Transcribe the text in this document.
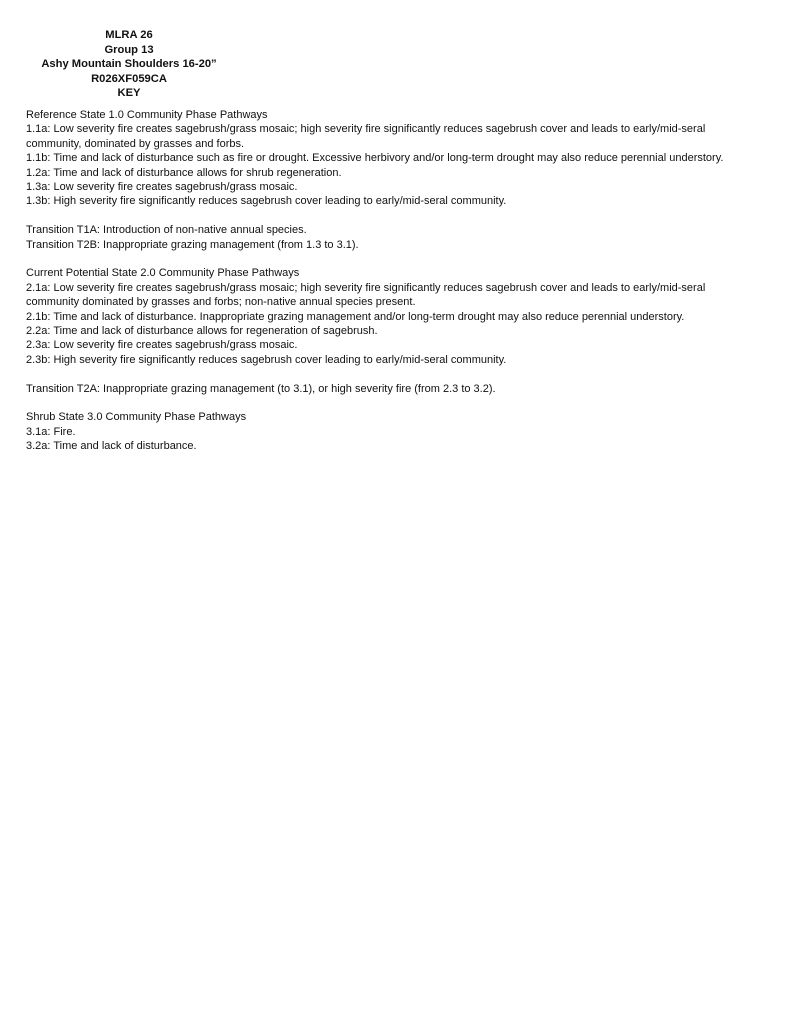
MLRA 26
Group 13
Ashy Mountain Shoulders 16-20”
R026XF059CA
KEY

Reference State 1.0 Community Phase Pathways

1.1a: Low severity fire creates sagebrush/grass mosaic; high severity fire significantly reduces sagebrush cover and leads to early/mid-seral community, dominated by grasses and forbs.

1.1b: Time and lack of disturbance such as fire or drought. Excessive herbivory and/or long-term drought may also reduce perennial understory.

1.2a: Time and lack of disturbance allows for shrub regeneration.

1.3a: Low severity fire creates sagebrush/grass mosaic.

1.3b: High severity fire significantly reduces sagebrush cover leading to early/mid-seral community.

Transition T1A: Introduction of non-native annual species.

Transition T2B: Inappropriate grazing management (from 1.3 to 3.1).

Current Potential State 2.0 Community Phase Pathways

2.1a: Low severity fire creates sagebrush/grass mosaic; high severity fire significantly reduces sagebrush cover and leads to early/mid-seral community dominated by grasses and forbs; non-native annual species present.

2.1b: Time and lack of disturbance. Inappropriate grazing management and/or long-term drought may also reduce perennial understory.

2.2a: Time and lack of disturbance allows for regeneration of sagebrush.

2.3a: Low severity fire creates sagebrush/grass mosaic.

2.3b: High severity fire significantly reduces sagebrush cover leading to early/mid-seral community.

Transition T2A: Inappropriate grazing management (to 3.1), or high severity fire (from 2.3 to 3.2).

Shrub State 3.0 Community Phase Pathways

3.1a: Fire.

3.2a: Time and lack of disturbance.
